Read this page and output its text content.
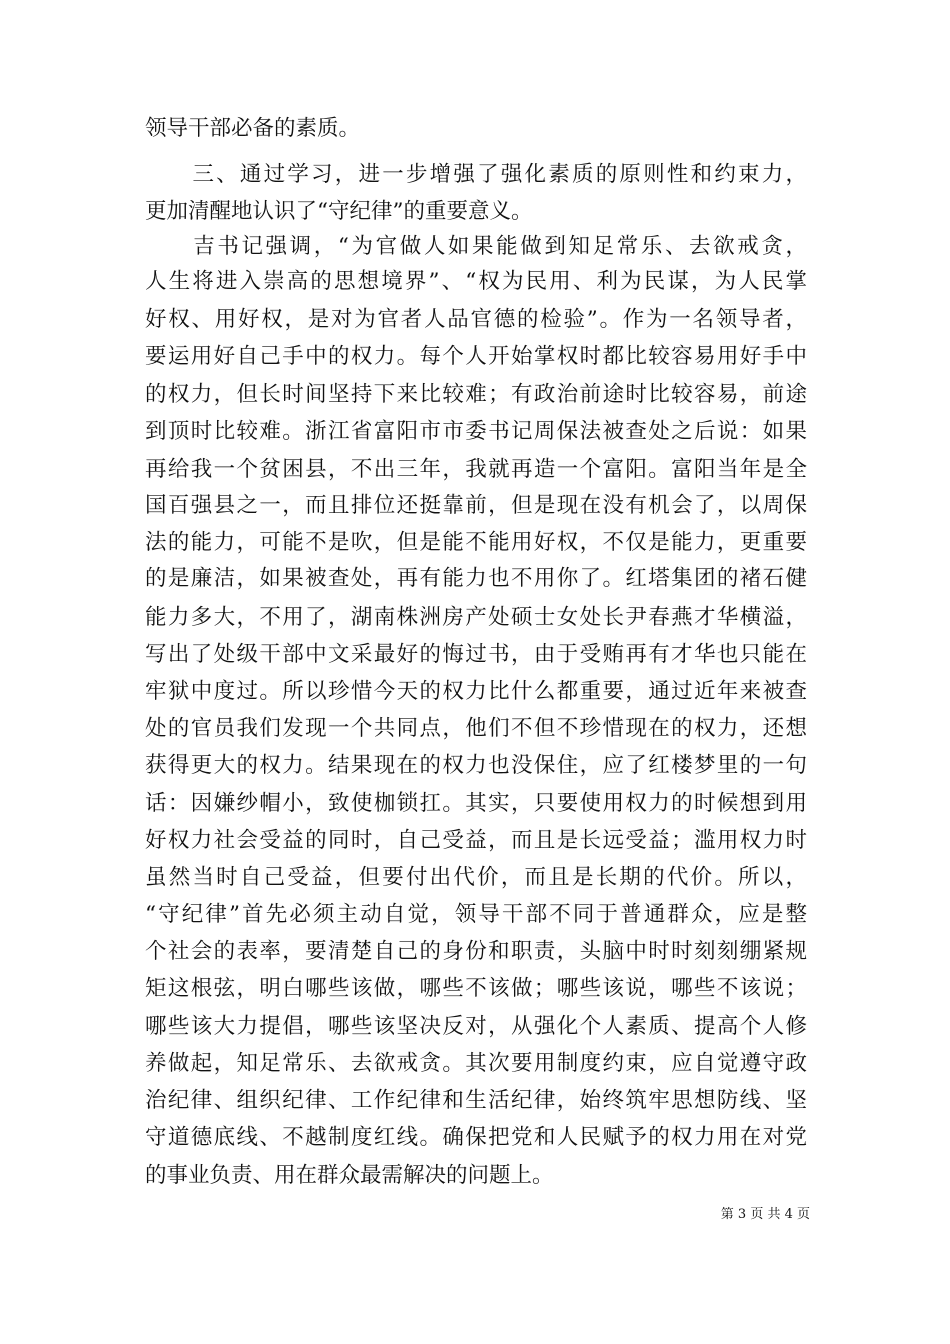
领导干部必备的素质。
　　三、通过学习，进一步增强了强化素质的原则性和约束力，
更加清醒地认识了“守纪律”的重要意义。
　　吉书记强调，“为官做人如果能做到知足常乐、去欲戒贪，
人生将进入崇高的思想境界”、“权为民用、利为民谋，为人民掌
好权、用好权，是对为官者人品官德的检验”。作为一名领导者，
要运用好自己手中的权力。每个人开始掌权时都比较容易用好手中
的权力，但长时间坚持下来比较难；有政治前途时比较容易，前途
到顶时比较难。浙江省富阳市市委书记周保法被查处之后说：如果
再给我一个贫困县，不出三年，我就再造一个富阳。富阳当年是全
国百强县之一，而且排位还挺靠前，但是现在没有机会了，以周保
法的能力，可能不是吹，但是能不能用好权，不仅是能力，更重要
的是廉洁，如果被查处，再有能力也不用你了。红塔集团的褚石健
能力多大，不用了，湖南株洲房产处硕士女处长尹春燕才华横溢，
写出了处级干部中文采最好的悔过书，由于受贿再有才华也只能在
牢狱中度过。所以珍惜今天的权力比什么都重要，通过近年来被查
处的官员我们发现一个共同点，他们不但不珍惜现在的权力，还想
获得更大的权力。结果现在的权力也没保住，应了红楼梦里的一句
话：因嫌纱帽小，致使枷锁扛。其实，只要使用权力的时候想到用
好权力社会受益的同时，自己受益，而且是长远受益；滥用权力时
虽然当时自己受益，但要付出代价，而且是长期的代价。所以，
“守纪律”首先必须主动自觉，领导干部不同于普通群众，应是整
个社会的表率，要清楚自己的身份和职责，头脑中时时刻刻绷紧规
矩这根弦，明白哪些该做，哪些不该做；哪些该说，哪些不该说；
哪些该大力提倡，哪些该坚决反对，从强化个人素质、提高个人修
养做起，知足常乐、去欲戒贪。其次要用制度约束，应自觉遵守政
治纪律、组织纪律、工作纪律和生活纪律，始终筑牢思想防线、坚
守道德底线、不越制度红线。确保把党和人民赋予的权力用在对党
的事业负责、用在群众最需解决的问题上。
第 3 页 共 4 页
